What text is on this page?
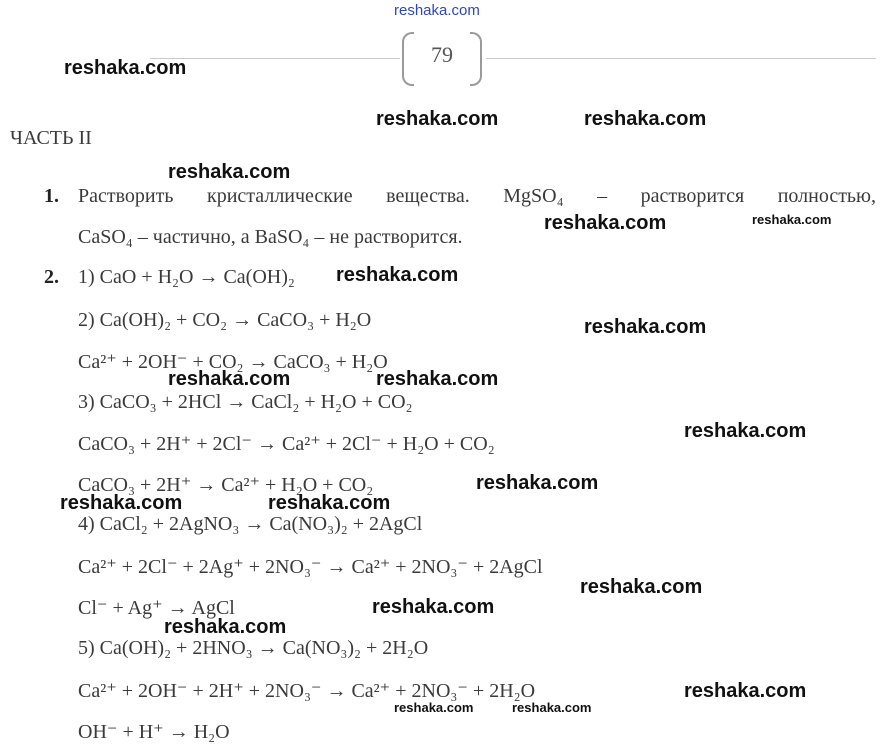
reshaka.com
79
ЧАСТЬ II
1. Растворить кристаллические вещества. MgSO₄ – растворится полностью,
CaSO₄ – частично, а BaSO₄ – не растворится.
2. 1) CaO + H₂O → Ca(OH)₂
2) Ca(OH)₂ + CO₂ → CaCO₃ + H₂O
Ca²⁺ + 2OH⁻ + CO₂ → CaCO₃ + H₂O
3) CaCO₃ + 2HCl → CaCl₂ + H₂O + CO₂
CaCO₃ + 2H⁺ + 2Cl⁻ → Ca²⁺ + 2Cl⁻ + H₂O + CO₂
CaCO₃ + 2H⁺ → Ca²⁺ + H₂O + CO₂
4) CaCl₂ + 2AgNO₃ → Ca(NO₃)₂ + 2AgCl
Ca²⁺ + 2Cl⁻ + 2Ag⁺ + 2NO₃⁻ → Ca²⁺ + 2NO₃⁻ + 2AgCl
Cl⁻ + Ag⁺ → AgCl
5) Ca(OH)₂ + 2HNO₃ → Ca(NO₃)₂ + 2H₂O
Ca²⁺ + 2OH⁻ + 2H⁺ + 2NO₃⁻ → Ca²⁺ + 2NO₃⁻ + 2H₂O
OH⁻ + H⁺ → H₂O
reshaka.com
reshaka.com	reshaka.com
reshaka.com
reshaka.com	reshaka.com
reshaka.com
reshaka.com
reshaka.com	reshaka.com
reshaka.com
reshaka.com
reshaka.com	reshaka.com
reshaka.com
reshaka.com
reshaka.com
reshaka.com
reshaka.com	reshaka.com
